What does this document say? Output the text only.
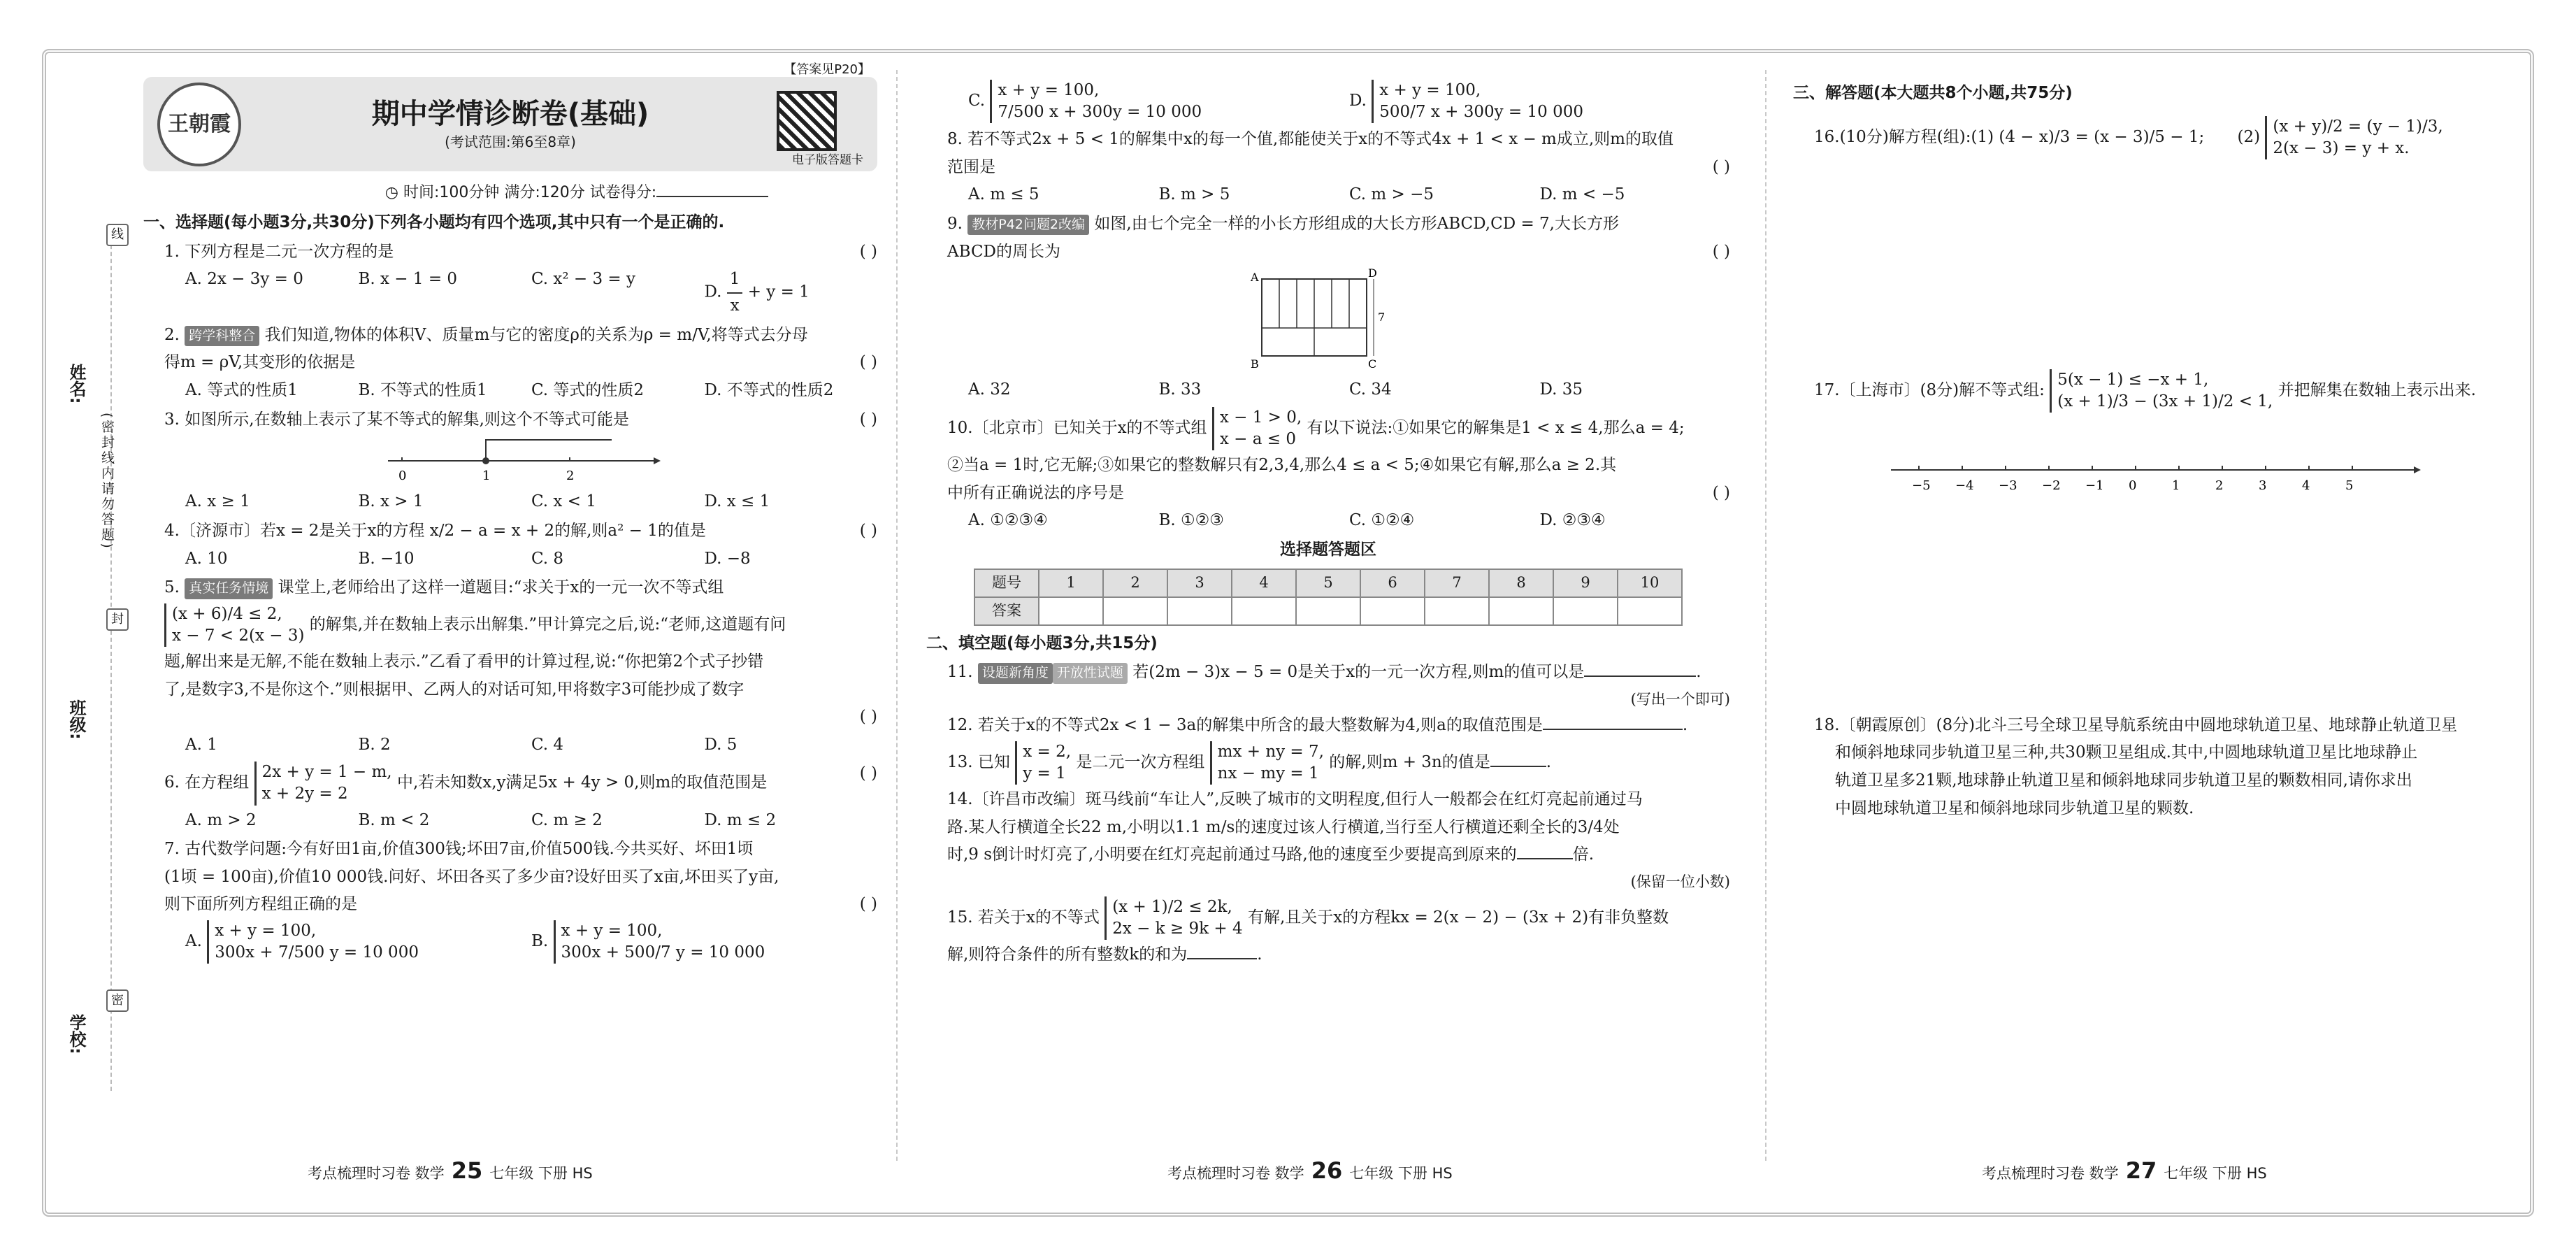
姓名:
班级:
学校:
(密封线内请勿答题)
线
封
密
【答案见P20】
王朝霞	期中学情诊断卷(基础)
(考试范围:第6至8章)
电子版答题卡
◷ 时间:100分钟 满分:120分 试卷得分:
一、选择题(每小题3分,共30分)下列各小题均有四个选项,其中只有一个是正确的.
1. 下列方程是二元一次方程的是	( )
A. 2x − 3y = 0	B. x − 1 = 0	C. x² − 3 = y
D. $\frac{1}{x} + y = 1$
2. 跨学科整合 我们知道,物体的体积V、质量m与它的密度ρ的关系为ρ = m/V,将等式去分母
得m = ρV,其变形的依据是	( )
A. 等式的性质1	B. 不等式的性质1	C. 等式的性质2	D. 不等式的性质2
3. 如图所示,在数轴上表示了某不等式的解集,则这个不等式可能是	( )
0	1	2
A. x ≥ 1	B. x > 1	C. x < 1	D. x ≤ 1
4.〔济源市〕若x = 2是关于x的方程 x/2 − a = x + 2的解,则a² − 1的值是	( )
A. 10	B. −10	C. 8	D. −8
5. 真实任务情境 课堂上,老师给出了这样一道题目:“求关于x的一元一次不等式组
(x + 6)/4 ≤ 2,
x − 7 < 2(x − 3) 的解集,并在数轴上表示出解集.”甲计算完之后,说:“老师,这道题有问
题,解出来是无解,不能在数轴上表示.”乙看了看甲的计算过程,说:“你把第2个式子抄错
了,是数字3,不是你这个.”则根据甲、乙两人的对话可知,甲将数字3可能抄成了数字
( )
A. 1	B. 2	C. 4	D. 5
6. 在方程组 2x + y = 1 − m,
x + 2y = 2 中,若未知数x,y满足5x + 4y > 0,则m的取值范围是
( )
A. m > 2	B. m < 2	C. m ≥ 2	D. m ≤ 2
7. 古代数学问题:今有好田1亩,价值300钱;坏田7亩,价值500钱.今共买好、坏田1顷
(1顷 = 100亩),价值10 000钱.问好、坏田各买了多少亩?设好田买了x亩,坏田买了y亩,
则下面所列方程组正确的是	( )
A. x + y = 100,
300x + 7/500 y = 10 000
B. x + y = 100,
300x + 500/7 y = 10 000
C. x + y = 100,
7/500 x + 300y = 10 000
D. x + y = 100,
500/7 x + 300y = 10 000
8. 若不等式2x + 5 < 1的解集中x的每一个值,都能使关于x的不等式4x + 1 < x − m成立,则m的取值
范围是	( )
A. m ≤ 5	B. m > 5	C. m > −5	D. m < −5
9. 教材P42问题2改编 如图,由七个完全一样的小长方形组成的大长方形ABCD,CD = 7,大长方形
ABCD的周长为	( )
A	D
B	C
7
A. 32	B. 33	C. 34	D. 35
10.〔北京市〕已知关于x的不等式组 x − 1 > 0,
x − a ≤ 0 有以下说法:①如果它的解集是1 < x ≤ 4,那么a = 4;
②当a = 1时,它无解;③如果它的整数解只有2,3,4,那么4 ≤ a < 5;④如果它有解,那么a ≥ 2.其
中所有正确说法的序号是	( )
A. ①②③④	B. ①②③	C. ①②④	D. ②③④
选择题答题区
题号	1	2	3	4	5	6	7	8	9	10
答案										
二、填空题(每小题3分,共15分)
11. 设题新角度 开放性试题 若(2m − 3)x − 5 = 0是关于x的一元一次方程,则m的值可以是	.
(写出一个即可)
12. 若关于x的不等式2x < 1 − 3a的解集中所含的最大整数解为4,则a的取值范围是	.
13. 已知 x = 2,
y = 1 是二元一次方程组 mx + ny = 7,
nx − my = 1 的解,则m + 3n的值是	.
14.〔许昌市改编〕斑马线前“车让人”,反映了城市的文明程度,但行人一般都会在红灯亮起前通过马
路.某人行横道全长22 m,小明以1.1 m/s的速度过该人行横道,当行至人行横道还剩全长的3/4处
时,9 s倒计时灯亮了,小明要在红灯亮起前通过马路,他的速度至少要提高到原来的	倍.
(保留一位小数)
15. 若关于x的不等式 (x + 1)/2 ≤ 2k,
2x − k ≥ 9k + 4 有解,且关于x的方程kx = 2(x − 2) − (3x + 2)有非负整数
解,则符合条件的所有整数k的和为	.
三、解答题(本大题共8个小题,共75分)
16.(10分)解方程(组):(1) (4 − x)/3 = (x − 3)/5 − 1; (2) (x + y)/2 = (y − 1)/3,
2(x − 3) = y + x.
17.〔上海市〕(8分)解不等式组: 5(x − 1) ≤ −x + 1,
(x + 1)/3 − (3x + 1)/2 < 1, 并把解集在数轴上表示出来.
−5 −4 −3 −2 −1 0	1	2	3	4	5
18.〔朝霞原创〕(8分)北斗三号全球卫星导航系统由中圆地球轨道卫星、地球静止轨道卫星
和倾斜地球同步轨道卫星三种,共30颗卫星组成.其中,中圆地球轨道卫星比地球静止
轨道卫星多21颗,地球静止轨道卫星和倾斜地球同步轨道卫星的颗数相同,请你求出
中圆地球轨道卫星和倾斜地球同步轨道卫星的颗数.
考点梳理时习卷 数学 25 七年级 下册 HS	考点梳理时习卷 数学 26 七年级 下册 HS	考点梳理时习卷 数学 27 七年级 下册 HS
